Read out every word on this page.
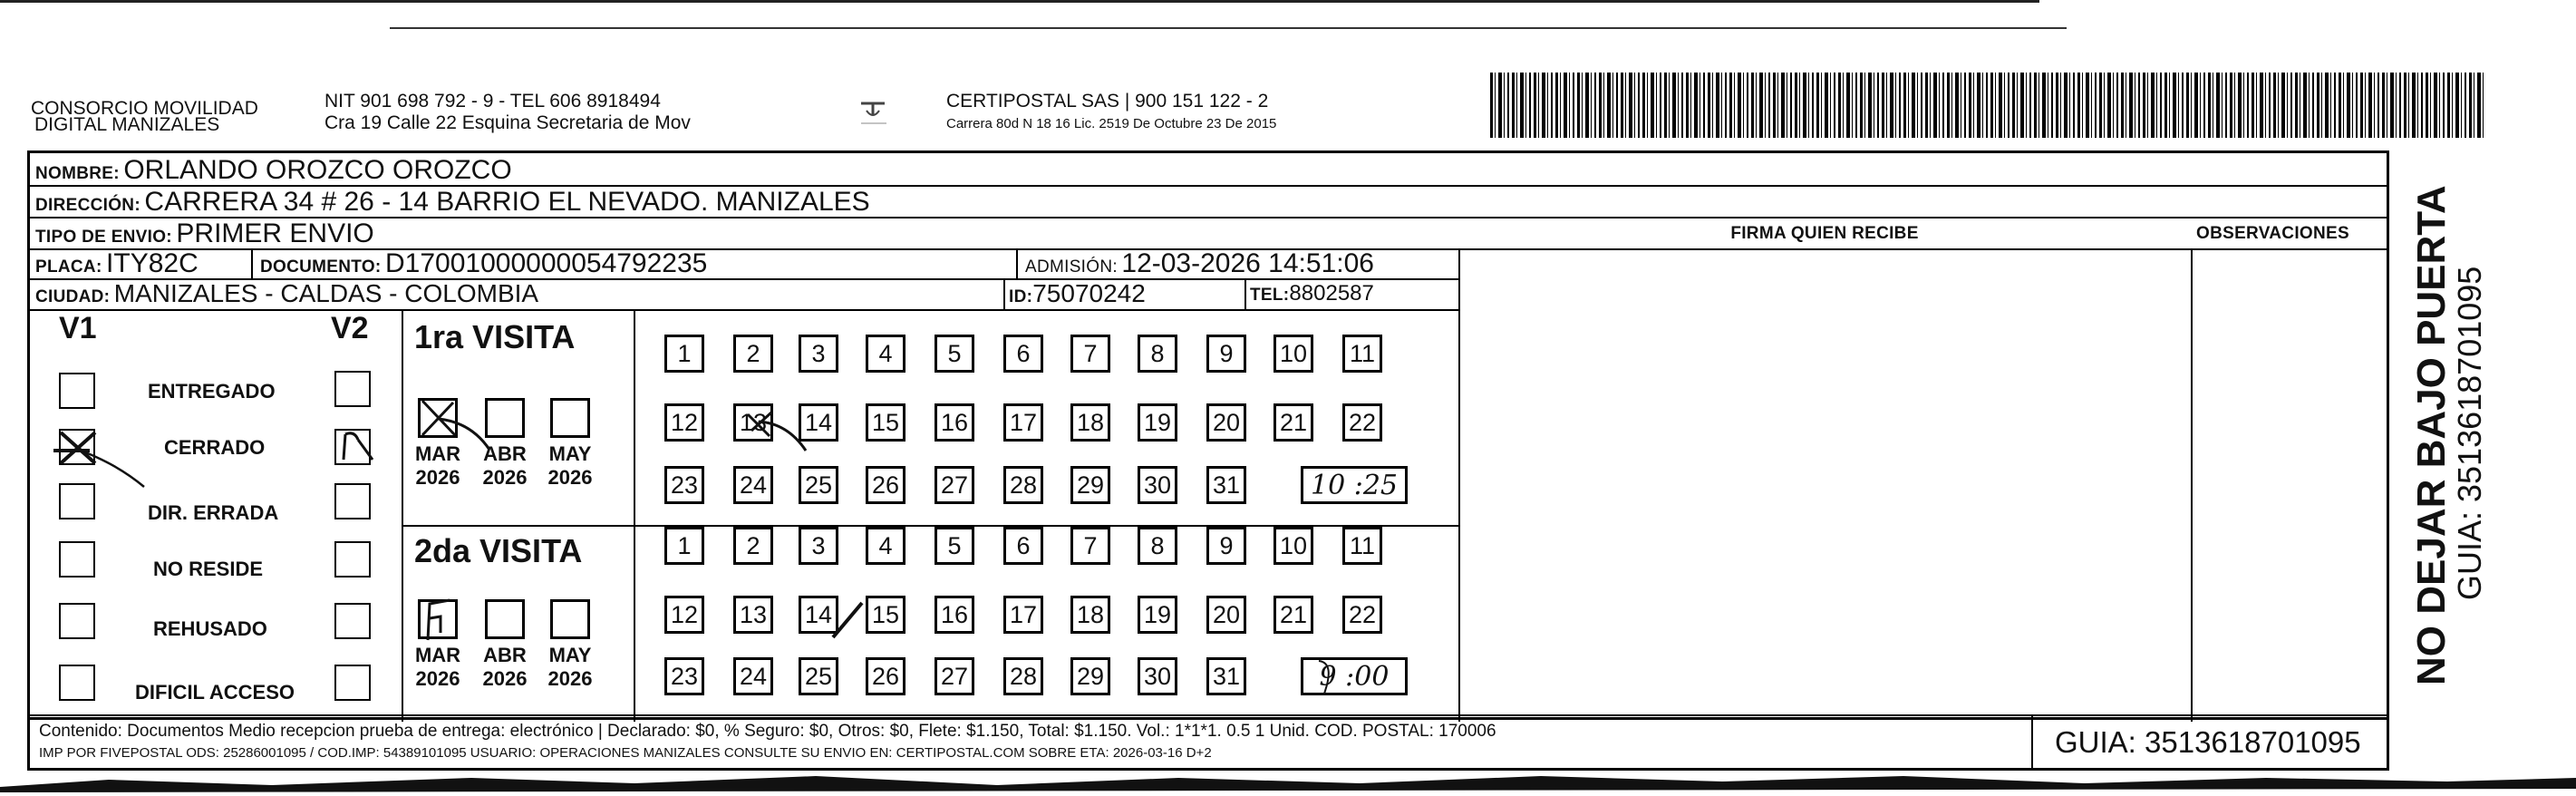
CONSORCIO MOVILIDAD
DIGITAL MANIZALES
NIT 901 698 792 - 9 - TEL 606 8918494
Cra 19 Calle 22 Esquina Secretaria de Mov
CERTIPOSTAL SAS | 900 151 122 - 2
Carrera 80d N 18 16 Lic. 2519 De Octubre 23 De 2015
NOMBRE: ORLANDO OROZCO OROZCO
DIRECCIÓN: CARRERA 34 # 26 - 14 BARRIO EL NEVADO. MANIZALES
TIPO DE ENVIO: PRIMER ENVIO	FIRMA QUIEN RECIBE	OBSERVACIONES
PLACA: ITY82C	DOCUMENTO: D17001000000054792235	ADMISIÓN: 12-03-2026 14:51:06
CIUDAD: MANIZALES - CALDAS - COLOMBIA	ID:75070242	TEL:8802587
V1	V2
ENTREGADO
CERRADO
DIR. ERRADA
NO RESIDE
REHUSADO
DIFICIL ACCESO
1ra VISITA
MAR	ABR	MAY
2026	2026	2026
2da VISITA
MAR	ABR	MAY
2026	2026	2026
1	2	3	4	5	6	7	8	9	10 11
12 13 14 15 16 17 18 19 20 21 22
23 24 25 26 27 28 29 30 31
1	2	3	4	5	6	7	8	9	10 11
12 13 14 15 16 17 18 19 20 21 22
23 24 25 26 27 28 29 30 31
10 :25
9 :00
Contenido: Documentos Medio recepcion prueba de entrega: electrónico | Declarado: $0, % Seguro: $0, Otros: $0, Flete: $1.150, Total: $1.150. Vol.: 1*1*1. 0.5 1 Unid. COD. POSTAL: 170006
IMP POR FIVEPOSTAL ODS: 25286001095 / COD.IMP: 54389101095 USUARIO: OPERACIONES MANIZALES CONSULTE SU ENVIO EN: CERTIPOSTAL.COM SOBRE ETA: 2026-03-16 D+2	GUIA: 3513618701095
NO DEJAR BAJO PUERTA
GUIA: 3513618701095
